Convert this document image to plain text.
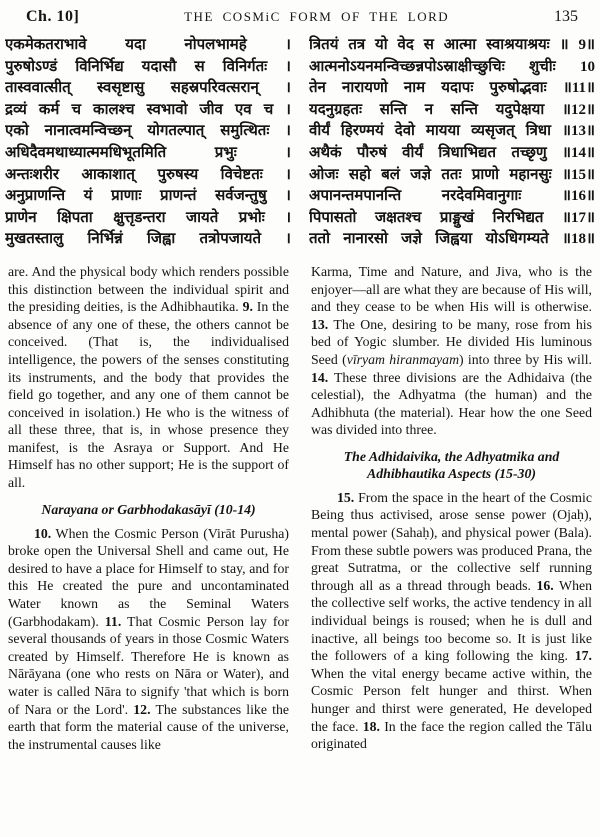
Ch. 10]	THE COSMiC FORM OF THE LORD	135
एकमेकतराभावे यदा नोपलभामहे ।
पुरुषोऽण्डं विनिर्भिद्य यदासौ स विनिर्गतः ।
तास्ववात्सीत् स्वसृष्टासु सहस्रपरिवत्सरान् ।
द्रव्यं कर्म च कालश्च स्वभावो जीव एव च ।
एको नानात्वमन्विच्छन् योगतल्पात् समुत्थितः ।
अधिदैवमथाध्यात्ममधिभूतमिति प्रभुः ।
अन्तःशरीर आकाशात् पुरुषस्य विचेष्टतः ।
अनुप्राणन्ति यं प्राणाः प्राणन्तं सर्वजन्तुषु ।
प्राणेन क्षिपता क्षुत्तृडन्तरा जायते प्रभोः ।
मुखतस्तालु निर्भिन्नं जिह्वा तत्रोपजायते ।
त्रितयं तत्र यो वेद स आत्मा स्वाश्रयाश्रयः ॥ 9॥
आत्मनोऽयनमन्विच्छन्नपोऽस्राक्षीच्छुचिः शुचीः 10
तेन नारायणो नाम यदापः पुरुषोद्भवाः ॥11॥
यदनुग्रहतः सन्ति न सन्ति यदुपेक्षया ॥12॥
वीर्यं हिरण्मयं देवो मायया व्यसृजत् त्रिधा ॥13॥
अथैकं पौरुषं वीर्यं त्रिधाभिद्यत तच्छृणु ॥14॥
ओजः सहो बलं जज्ञे ततः प्राणो महानसुः ॥15॥
अपानन्तमपानन्ति नरदेवमिवानुगाः ॥16॥
पिपासतो जक्षतश्च प्राङ्मुखं निरभिद्यत ॥17॥
ततो नानारसो जज्ञे जिह्वया योऽधिगम्यते ॥18॥

are. And the physical body which renders possible this distinction between the individual spirit and the presiding deities, is the Adhibhautika. 9. In the absence of any one of these, the others cannot be conceived. (That is, the individualised intelligence, the powers of the senses constituting its instruments, and the body that provides the field go together, and any one of them cannot be conceived in isolation.) He who is the witness of all these three, that is, in whose presence they manifest, is the Asraya or Support. And He Himself has no other support; He is the support of all.

Narayana or Garbhodakasāyī (10-14)

10. When the Cosmic Person (Virāt Purusha) broke open the Universal Shell and came out, He desired to have a place for Himself to stay, and for this He created the pure and uncontaminated Water known as the Seminal Waters (Garbhodakam). 11. That Cosmic Person lay for several thousands of years in those Cosmic Waters created by Himself. Therefore He is known as Nārāyana (one who rests on Nāra or Water), and water is called Nāra to signify 'that which is born of Nara or the Lord'. 12. The substances like the earth that form the material cause of the universe, the instrumental causes like

Karma, Time and Nature, and Jiva, who is the enjoyer—all are what they are because of His will, and they cease to be when His will is otherwise. 13. The One, desiring to be many, rose from his bed of Yogic slumber. He divided His luminous Seed (vīryam hiranmayam) into three by His will. 14. These three divisions are the Adhidaiva (the celestial), the Adhyatma (the human) and the Adhibhuta (the material). Hear how the one Seed was divided into three.

The Adhidaivika, the Adhyatmika and
Adhibhautika Aspects (15-30)

15. From the space in the heart of the Cosmic Being thus activised, arose sense power (Ojaḥ), mental power (Sahaḥ), and physical power (Bala). From these subtle powers was produced Prana, the great Sutratma, or the collective self running through all as a thread through beads. 16. When the collective self works, the active tendency in all individual beings is roused; when he is dull and inactive, all beings too become so. It is just like the followers of a king following the king. 17. When the vital energy became active within, the Cosmic Person felt hunger and thirst. When hunger and thirst were generated, He developed the face. 18. In the face the region called the Tālu originated
